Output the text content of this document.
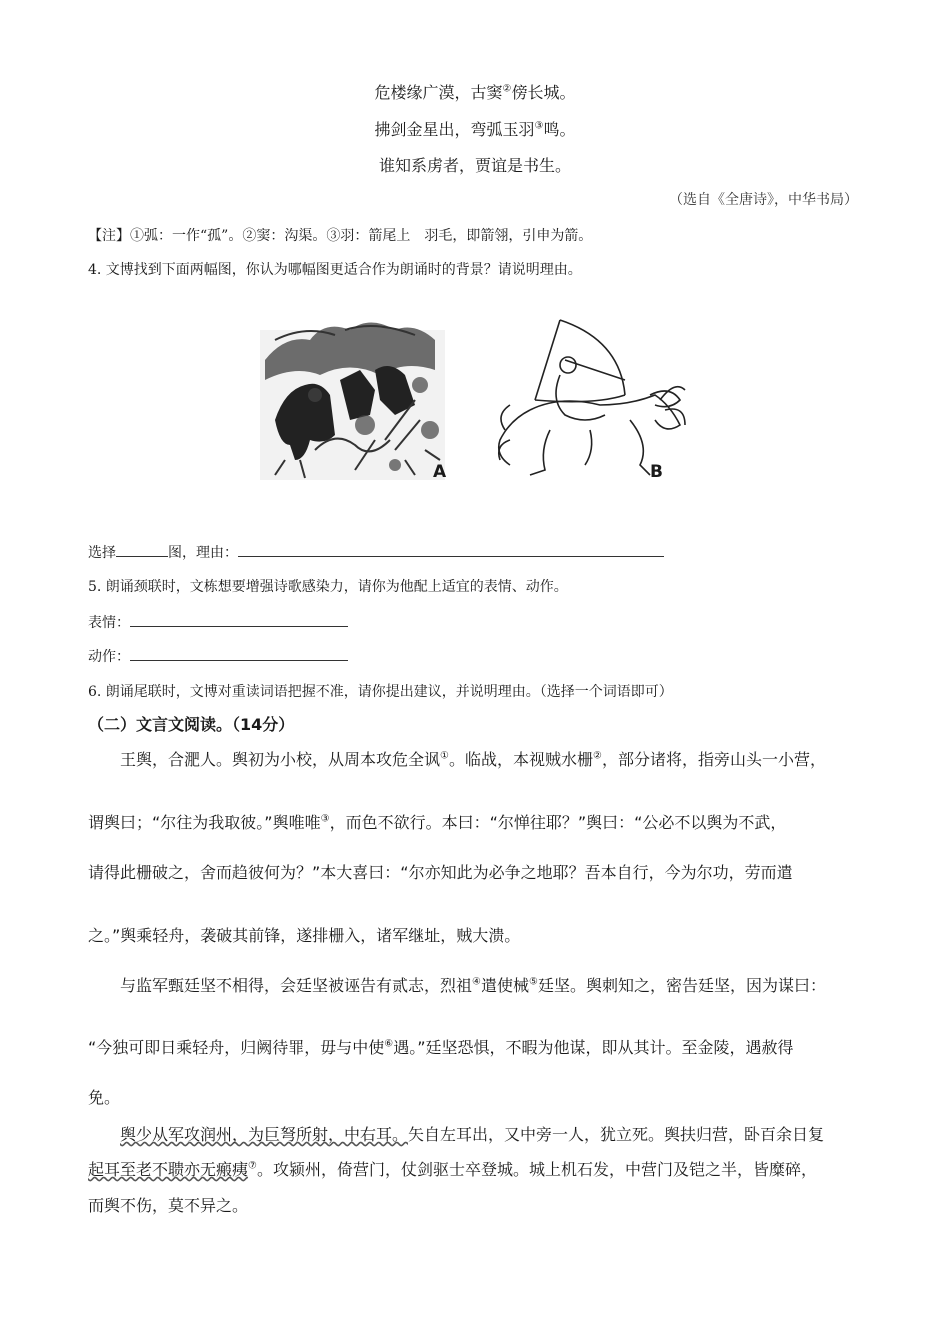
危楼缘广漠，古窦②傍长城。
拂剑金星出，弯弧玉羽③鸣。
谁知系虏者，贾谊是书生。
（选自《全唐诗》，中华书局）
【注】①弧：一作“孤”。②窦：沟渠。③羽：箭尾上　羽毛，即箭翎，引申为箭。
4. 文博找到下面两幅图，你认为哪幅图更适合作为朗诵时的背景？请说明理由。
A	B
选择	图，理由：
5. 朗诵颈联时，文栋想要增强诗歌感染力，请你为他配上适宜的表情、动作。
表情：
动作：
6. 朗诵尾联时，文博对重读词语把握不准，请你提出建议，并说明理由。（选择一个词语即可）
（二）文言文阅读。（14分）
王舆，合淝人。舆初为小校，从周本攻危全讽①。临战，本视贼水栅②，部分诸将，指旁山头一小营，
谓舆曰；“尔往为我取彼。”舆唯唯③，而色不欲行。本曰：“尔惮往耶？”舆曰：“公必不以舆为不武，
请得此栅破之，舍而趋彼何为？”本大喜曰：“尔亦知此为必争之地耶？吾本自行，今为尔功，劳而遣
之。”舆乘轻舟，袭破其前锋，遂排栅入，诸军继址，贼大溃。
与监军甄廷坚不相得，会廷坚被诬告有贰志，烈祖④遣使械⑤廷坚。舆刺知之，密告廷坚，因为谋曰：
“今独可即日乘轻舟，归阙待罪，毋与中使⑥遇。”廷坚恐惧，不暇为他谋，即从其计。至金陵，遇赦得
免。
舆少从军攻润州，为巨弩所射，中右耳。矢自左耳出，又中旁一人，犹立死。舆扶归营，卧百余日复
起耳至老不聩亦无瘢痍⑦。攻颍州，倚营门，仗剑驱士卒登城。城上机石发，中营门及铠之半，皆糜碎，
而舆不伤，莫不异之。
